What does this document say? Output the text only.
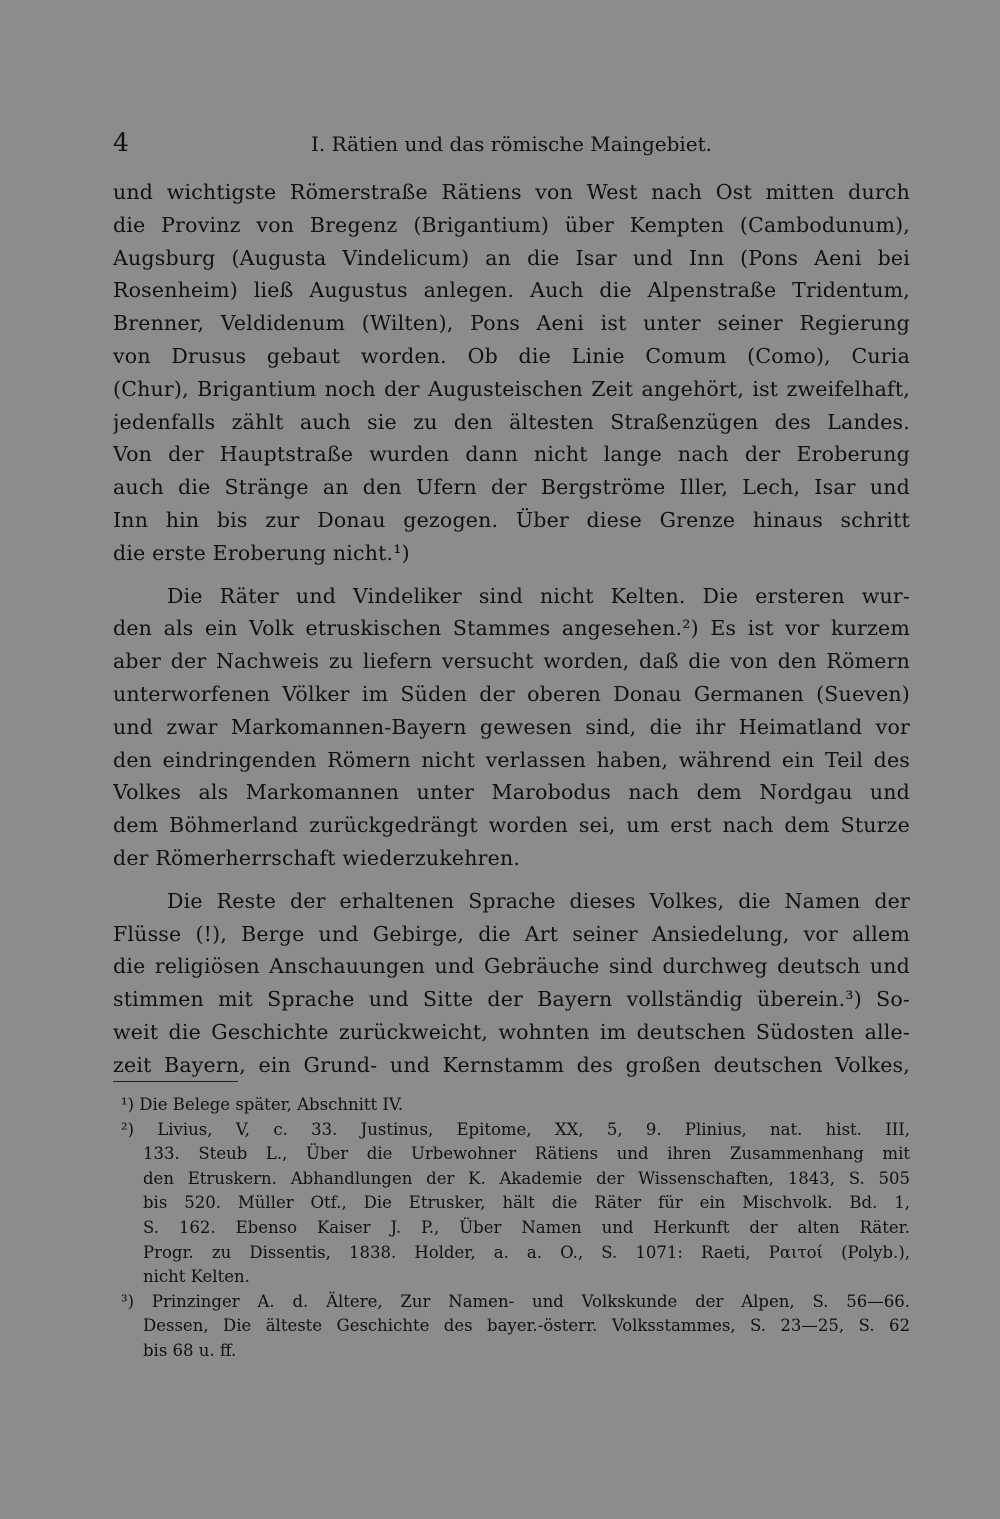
4	I. Rätien und das römische Maingebiet.
und wichtigste Römerstraße Rätiens von West nach Ost mitten durch
die Provinz von Bregenz (Brigantium) über Kempten (Cambodunum),
Augsburg (Augusta Vindelicum) an die Isar und Inn (Pons Aeni bei
Rosenheim) ließ Augustus anlegen. Auch die Alpenstraße Tridentum,
Brenner, Veldidenum (Wilten), Pons Aeni ist unter seiner Regierung
von Drusus gebaut worden. Ob die Linie Comum (Como), Curia
(Chur), Brigantium noch der Augusteischen Zeit angehört, ist zweifelhaft,
jedenfalls zählt auch sie zu den ältesten Straßenzügen des Landes.
Von der Hauptstraße wurden dann nicht lange nach der Eroberung
auch die Stränge an den Ufern der Bergströme Iller, Lech, Isar und
Inn hin bis zur Donau gezogen. Über diese Grenze hinaus schritt
die erste Eroberung nicht.¹)
Die Räter und Vindeliker sind nicht Kelten. Die ersteren wur-
den als ein Volk etruskischen Stammes angesehen.²) Es ist vor kurzem
aber der Nachweis zu liefern versucht worden, daß die von den Römern
unterworfenen Völker im Süden der oberen Donau Germanen (Sueven)
und zwar Markomannen-Bayern gewesen sind, die ihr Heimatland vor
den eindringenden Römern nicht verlassen haben, während ein Teil des
Volkes als Markomannen unter Marobodus nach dem Nordgau und
dem Böhmerland zurückgedrängt worden sei, um erst nach dem Sturze
der Römerherrschaft wiederzukehren.
Die Reste der erhaltenen Sprache dieses Volkes, die Namen der
Flüsse (!), Berge und Gebirge, die Art seiner Ansiedelung, vor allem
die religiösen Anschauungen und Gebräuche sind durchweg deutsch und
stimmen mit Sprache und Sitte der Bayern vollständig überein.³) So-
weit die Geschichte zurückweicht, wohnten im deutschen Südosten alle-
zeit Bayern, ein Grund- und Kernstamm des großen deutschen Volkes,
¹) Die Belege später, Abschnitt IV.
²) Livius, V, c. 33. Justinus, Epitome, XX, 5, 9. Plinius, nat. hist. III,
133. Steub L., Über die Urbewohner Rätiens und ihren Zusammenhang mit
den Etruskern. Abhandlungen der K. Akademie der Wissenschaften, 1843, S. 505
bis 520. Müller Otf., Die Etrusker, hält die Räter für ein Mischvolk. Bd. 1,
S. 162. Ebenso Kaiser J. P., Über Namen und Herkunft der alten Räter.
Progr. zu Dissentis, 1838. Holder, a. a. O., S. 1071: Raeti, Ραιτοί (Polyb.),
nicht Kelten.
³) Prinzinger A. d. Ältere, Zur Namen- und Volkskunde der Alpen, S. 56—66.
Dessen, Die älteste Geschichte des bayer.-österr. Volksstammes, S. 23—25, S. 62
bis 68 u. ff.
